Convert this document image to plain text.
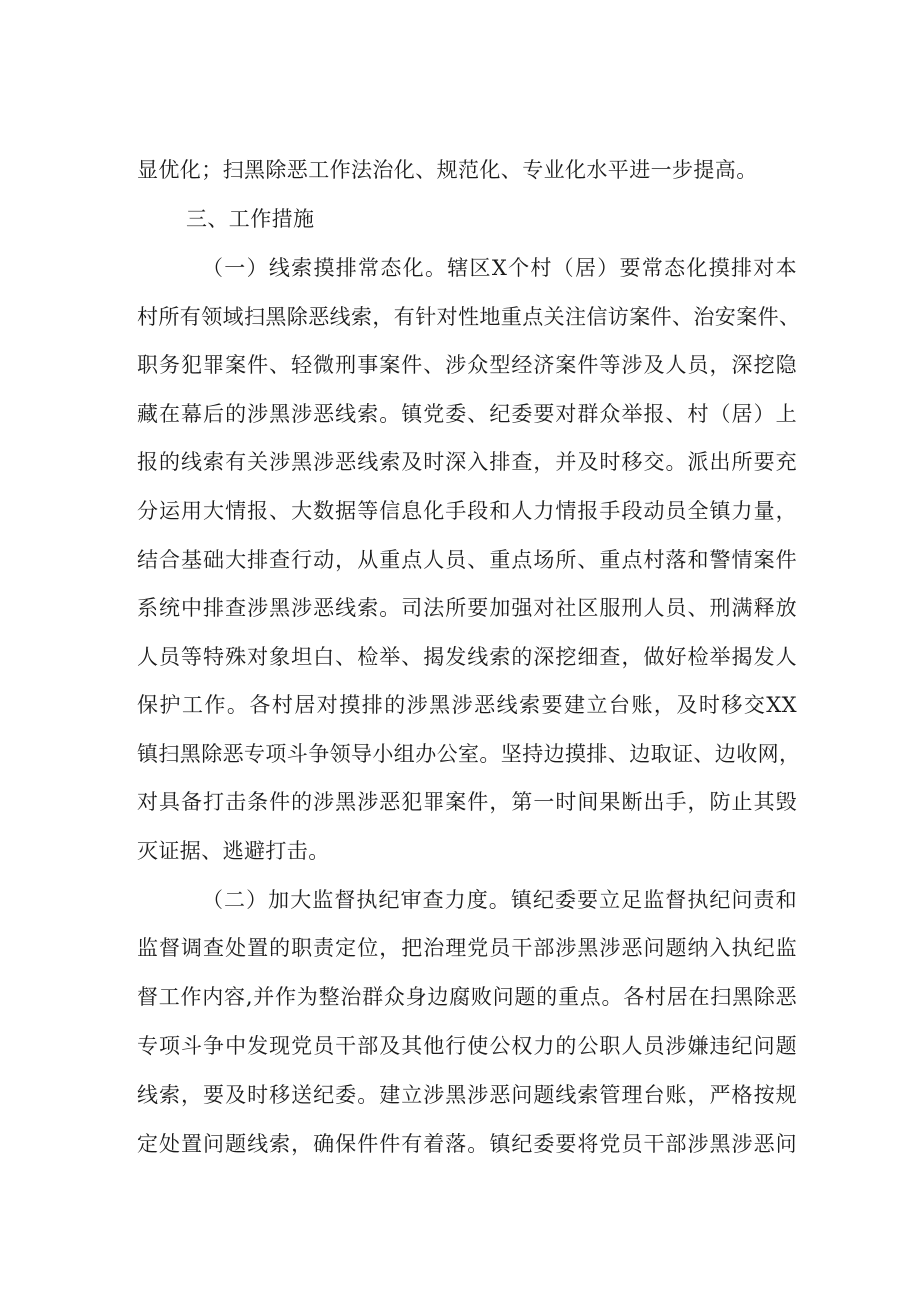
显优化；扫黑除恶工作法治化、规范化、专业化水平进一步提高。
三、工作措施
（一）线索摸排常态化。辖区X个村（居）要常态化摸排对本
村所有领域扫黑除恶线索，有针对性地重点关注信访案件、治安案件、
职务犯罪案件、轻微刑事案件、涉众型经济案件等涉及人员，深挖隐
藏在幕后的涉黑涉恶线索。镇党委、纪委要对群众举报、村（居）上
报的线索有关涉黑涉恶线索及时深入排查，并及时移交。派出所要充
分运用大情报、大数据等信息化手段和人力情报手段动员全镇力量，
结合基础大排查行动，从重点人员、重点场所、重点村落和警情案件
系统中排查涉黑涉恶线索。司法所要加强对社区服刑人员、刑满释放
人员等特殊对象坦白、检举、揭发线索的深挖细查，做好检举揭发人
保护工作。各村居对摸排的涉黑涉恶线索要建立台账，及时移交XX
镇扫黑除恶专项斗争领导小组办公室。坚持边摸排、边取证、边收网，
对具备打击条件的涉黑涉恶犯罪案件，第一时间果断出手，防止其毁
灭证据、逃避打击。
（二）加大监督执纪审查力度。镇纪委要立足监督执纪问责和
监督调查处置的职责定位，把治理党员干部涉黑涉恶问题纳入执纪监
督工作内容,并作为整治群众身边腐败问题的重点。各村居在扫黑除恶
专项斗争中发现党员干部及其他行使公权力的公职人员涉嫌违纪问题
线索，要及时移送纪委。建立涉黑涉恶问题线索管理台账，严格按规
定处置问题线索，确保件件有着落。镇纪委要将党员干部涉黑涉恶问
